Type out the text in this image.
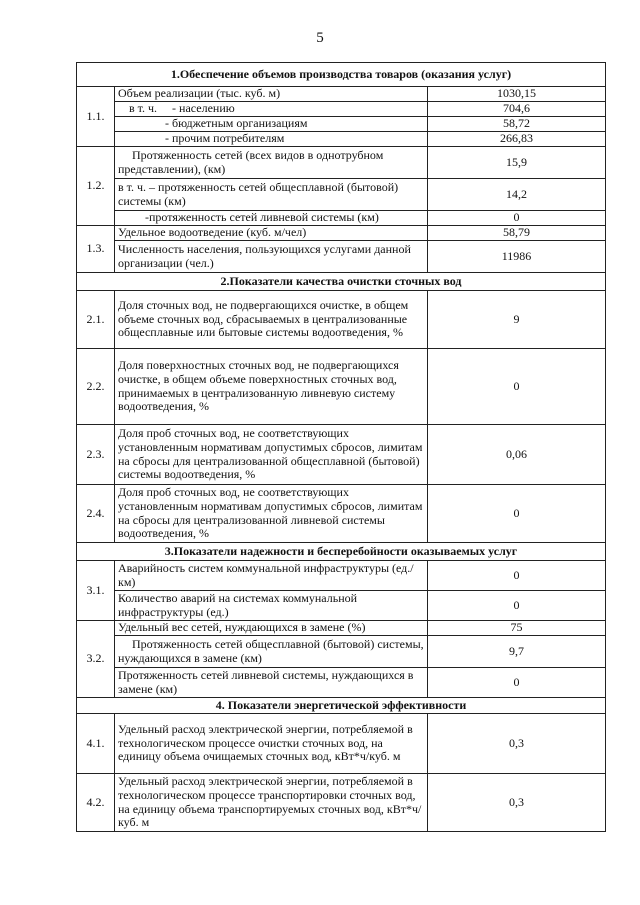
5
1.Обеспечение объемов производства товаров (оказания услуг)		
1.1.	Объем реализации (тыс. куб. м)	1030,15
	в т. ч.     - населению	704,6
	- бюджетным организациям	58,72
	- прочим потребителям	266,83
1.2.	Протяженность сетей (всех видов в однотрубном представлении), (км)	15,9
	в т. ч. – протяженность сетей общесплавной (бытовой) системы (км)	14,2
	-протяженность сетей ливневой системы (км)	0
1.3.	Удельное водоотведение (куб. м/чел)	58,79
	Численность населения, пользующихся услугами данной организации (чел.)	11986
2.Показатели качества очистки сточных вод		
2.1.	Доля сточных вод, не подвергающихся очистке, в общем объеме сточных вод, сбрасываемых в централизованные общесплавные или бытовые системы водоотведения, %	9
2.2.	Доля поверхностных сточных вод, не подвергающихся очистке, в общем объеме поверхностных сточных вод, принимаемых в централизованную ливневую систему водоотведения, %	0
2.3.	Доля проб сточных вод, не соответствующих установленным нормативам допустимых сбросов, лимитам на сбросы для централизованной общесплавной (бытовой) системы водоотведения, %	0,06
2.4.	Доля проб сточных вод, не соответствующих установленным нормативам допустимых сбросов, лимитам на сбросы для централизованной ливневой системы водоотведения, %	0
3.Показатели надежности и бесперебойности оказываемых услуг		
3.1.	Аварийность систем коммунальной инфраструктуры (ед./км)	0
	Количество аварий на системах коммунальной инфраструктуры (ед.)	0
3.2.	Удельный вес сетей, нуждающихся в замене (%)	75
	Протяженность сетей общесплавной (бытовой) системы, нуждающихся в замене (км)	9,7
	Протяженность сетей ливневой системы, нуждающихся в замене (км)	0
4. Показатели энергетической эффективности		
4.1.	Удельный расход электрической энергии, потребляемой в технологическом процессе очистки сточных вод, на единицу объема очищаемых сточных вод, кВт*ч/куб. м	0,3
4.2.	Удельный расход электрической энергии, потребляемой в технологическом процессе транспортировки сточных вод, на единицу объема транспортируемых сточных вод, кВт*ч/куб. м	0,3
